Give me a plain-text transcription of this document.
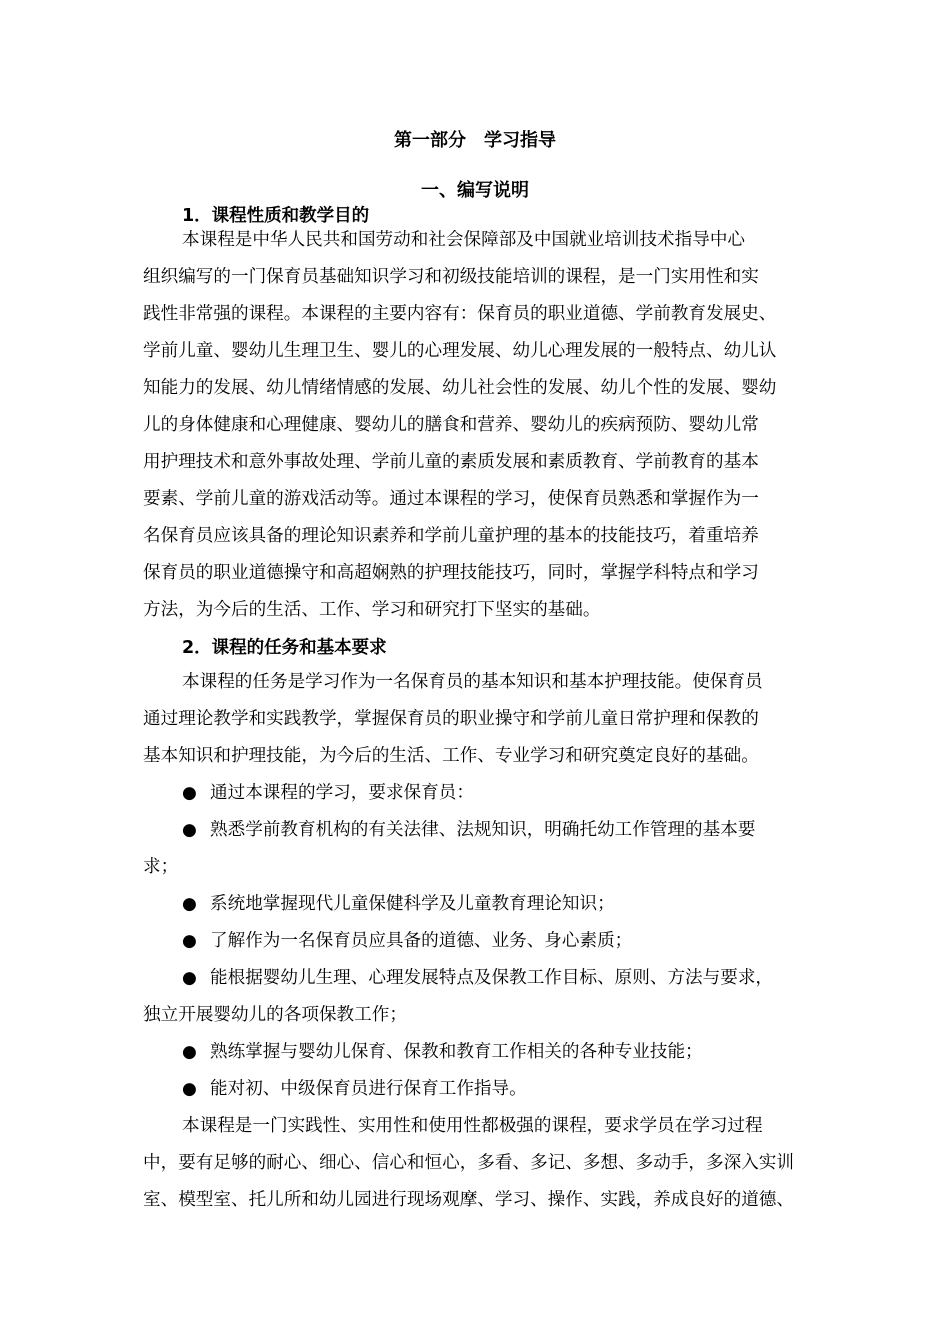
第一部分　学习指导
一、编写说明
1．课程性质和教学目的
本课程是中华人民共和国劳动和社会保障部及中国就业培训技术指导中心
组织编写的一门保育员基础知识学习和初级技能培训的课程，是一门实用性和实
践性非常强的课程。本课程的主要内容有：保育员的职业道德、学前教育发展史、
学前儿童、婴幼儿生理卫生、婴儿的心理发展、幼儿心理发展的一般特点、幼儿认
知能力的发展、幼儿情绪情感的发展、幼儿社会性的发展、幼儿个性的发展、婴幼
儿的身体健康和心理健康、婴幼儿的膳食和营养、婴幼儿的疾病预防、婴幼儿常
用护理技术和意外事故处理、学前儿童的素质发展和素质教育、学前教育的基本
要素、学前儿童的游戏活动等。通过本课程的学习，使保育员熟悉和掌握作为一
名保育员应该具备的理论知识素养和学前儿童护理的基本的技能技巧，着重培养
保育员的职业道德操守和高超娴熟的护理技能技巧，同时，掌握学科特点和学习
方法，为今后的生活、工作、学习和研究打下坚实的基础。
2．课程的任务和基本要求
本课程的任务是学习作为一名保育员的基本知识和基本护理技能。使保育员
通过理论教学和实践教学，掌握保育员的职业操守和学前儿童日常护理和保教的
基本知识和护理技能，为今后的生活、工作、专业学习和研究奠定良好的基础。
● 通过本课程的学习，要求保育员：
● 熟悉学前教育机构的有关法律、法规知识，明确托幼工作管理的基本要
求；
● 系统地掌握现代儿童保健科学及儿童教育理论知识；
● 了解作为一名保育员应具备的道德、业务、身心素质；
● 能根据婴幼儿生理、心理发展特点及保教工作目标、原则、方法与要求，
独立开展婴幼儿的各项保教工作；
● 熟练掌握与婴幼儿保育、保教和教育工作相关的各种专业技能；
● 能对初、中级保育员进行保育工作指导。
本课程是一门实践性、实用性和使用性都极强的课程，要求学员在学习过程
中，要有足够的耐心、细心、信心和恒心，多看、多记、多想、多动手，多深入实训
室、模型室、托儿所和幼儿园进行现场观摩、学习、操作、实践，养成良好的道德、
